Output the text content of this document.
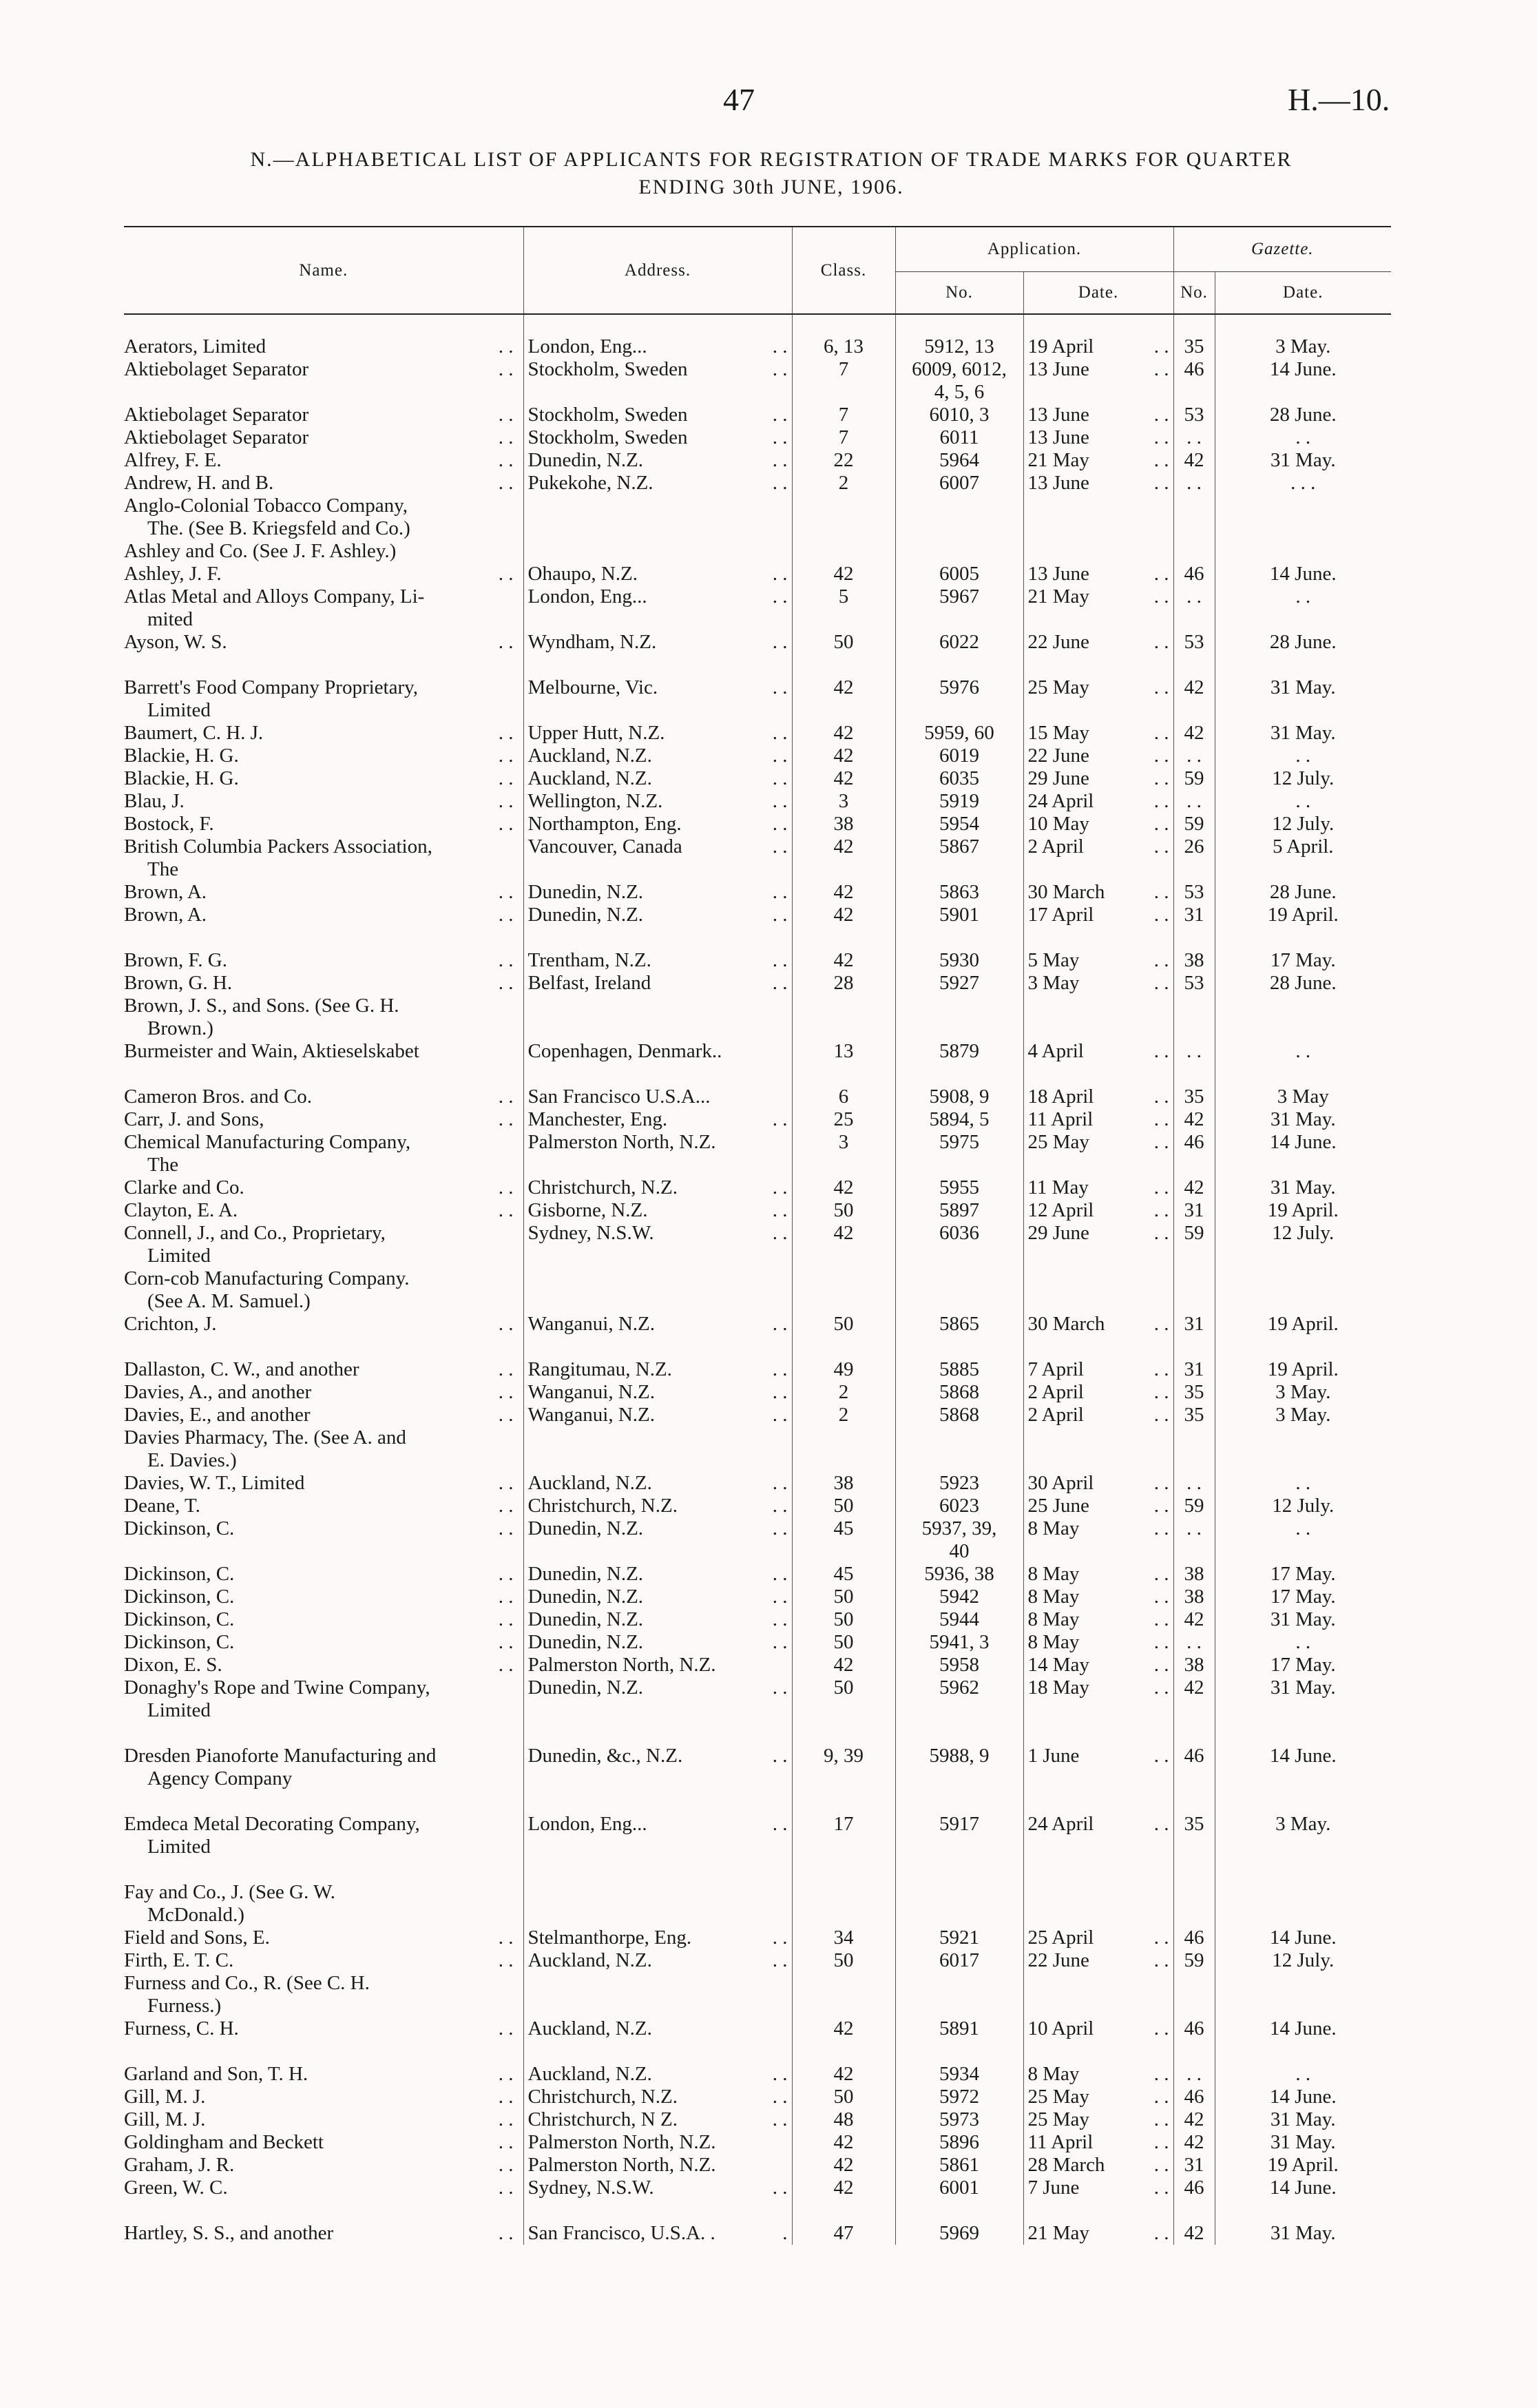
47	H.—10.
N.—ALPHABETICAL LIST OF APPLICANTS FOR REGISTRATION OF TRADE MARKS FOR QUARTER
ENDING 30th JUNE, 1906.
Name.	Address.	Class.	Application.		Gazette.	
			No.	Date.	No.	Date.

. .
Aerators, Limited	London, Eng... . .	6, 13	5912, 13	19 April . .	35	3 May.

. .
Aktiebolaget Separator	Stockholm, Sweden . .	7	6009, 6012,	13 June . .	46	14 June.

		4, 5, 6	

. .
Aktiebolaget Separator	Stockholm, Sweden . .	7	6010, 3	13 June . .	53	28 June.

. .
Aktiebolaget Separator	Stockholm, Sweden . .	7	6011	13 June . .	. .	. .

. .
Alfrey, F. E.	Dunedin, N.Z. . .	22	5964	21 May . .	42	31 May.

. .
Andrew, H. and B.	Pukekohe, N.Z. . .	2	6007	13 June . .	. .	. . .

Anglo-Colonial Tobacco Company,	

The. (See B. Kriegsfeld and Co.)	

Ashley and Co. (See J. F. Ashley.)	

. .
Ashley, J. F.	Ohaupo, N.Z. . .	42	6005	13 June . .	46	14 June.

Atlas Metal and Alloys Company, Li-	London, Eng... . .	5	5967	21 May . .	. .	. .

mited	

. .
Ayson, W. S.	Wyndham, N.Z. . .	50	6022	22 June . .	53	28 June.

Barrett's Food Company Proprietary,	Melbourne, Vic. . .	42	5976	25 May . .	42	31 May.

Limited	

. .
Baumert, C. H. J.	Upper Hutt, N.Z. . .	42	5959, 60	15 May . .	42	31 May.

. .
Blackie, H. G.	Auckland, N.Z. . .	42	6019	22 June . .	. .	. .

. .
Blackie, H. G.	Auckland, N.Z. . .	42	6035	29 June . .	59	12 July.

. .
Blau, J.	Wellington, N.Z. . .	3	5919	24 April . .	. .	. .

. .
Bostock, F.	Northampton, Eng. . .	38	5954	10 May . .	59	12 July.

British Columbia Packers Association,	Vancouver, Canada . .	42	5867	2 April . .	26	5 April.

The	

. .
Brown, A.	Dunedin, N.Z. . .	42	5863	30 March . .	53	28 June.

. .
Brown, A.	Dunedin, N.Z. . .	42	5901	17 April . .	31	19 April.

. .
Brown, F. G.	Trentham, N.Z. . .	42	5930	5 May . .	38	17 May.

. .
Brown, G. H.	Belfast, Ireland . .	28	5927	3 May . .	53	28 June.

Brown, J. S., and Sons. (See G. H.	

Brown.)	

Burmeister and Wain, Aktieselskabet	Copenhagen, Denmark..	13	5879	4 April . .	. .	. .

. .
Cameron Bros. and Co.	San Francisco U.S.A...	6	5908, 9	18 April . .	35	3 May

. .
Carr, J. and Sons,	Manchester, Eng. . .	25	5894, 5	11 April . .	42	31 May.

Chemical Manufacturing Company,	Palmerston North, N.Z.	3	5975	25 May . .	46	14 June.

The	

. .
Clarke and Co.	Christchurch, N.Z. . .	42	5955	11 May . .	42	31 May.

. .
Clayton, E. A.	Gisborne, N.Z. . .	50	5897	12 April . .	31	19 April.

Connell, J., and Co., Proprietary,	Sydney, N.S.W. . .	42	6036	29 June . .	59	12 July.

Limited	

Corn-cob Manufacturing Company.	

(See A. M. Samuel.)	

. .
Crichton, J.	Wanganui, N.Z. . .	50	5865	30 March . .	31	19 April.

. .
Dallaston, C. W., and another	Rangitumau, N.Z. . .	49	5885	7 April . .	31	19 April.

. .
Davies, A., and another	Wanganui, N.Z. . .	2	5868	2 April . .	35	3 May.

. .
Davies, E., and another	Wanganui, N.Z. . .	2	5868	2 April . .	35	3 May.

Davies Pharmacy, The. (See A. and	

E. Davies.)	

. .
Davies, W. T., Limited	Auckland, N.Z. . .	38	5923	30 April . .	. .	. .

. .
Deane, T.	Christchurch, N.Z. . .	50	6023	25 June . .	59	12 July.

. .
Dickinson, C.	Dunedin, N.Z. . .	45	5937, 39,	8 May . .	. .	. .

		40	

. .
Dickinson, C.	Dunedin, N.Z. . .	45	5936, 38	8 May . .	38	17 May.

. .
Dickinson, C.	Dunedin, N.Z. . .	50	5942	8 May . .	38	17 May.

. .
Dickinson, C.	Dunedin, N.Z. . .	50	5944	8 May . .	42	31 May.

. .
Dickinson, C.	Dunedin, N.Z. . .	50	5941, 3	8 May . .	. .	. .

. .
Dixon, E. S.	Palmerston North, N.Z.	42	5958	14 May . .	38	17 May.

Donaghy's Rope and Twine Company,	Dunedin, N.Z. . .	50	5962	18 May . .	42	31 May.

Limited	

Dresden Pianoforte Manufacturing and	Dunedin, &c., N.Z. . .	9, 39	5988, 9	1 June . .	46	14 June.

Agency Company	

Emdeca Metal Decorating Company,	London, Eng... . .	17	5917	24 April . .	35	3 May.

Limited	

Fay and Co., J. (See G. W.	

McDonald.)	

. .
Field and Sons, E.	Stelmanthorpe, Eng. . .	34	5921	25 April . .	46	14 June.

. .
Firth, E. T. C.	Auckland, N.Z. . .	50	6017	22 June . .	59	12 July.

Furness and Co., R. (See C. H.	

Furness.)	

. .
Furness, C. H.	Auckland, N.Z.	42	5891	10 April . .	46	14 June.

. .
Garland and Son, T. H.	Auckland, N.Z. . .	42	5934	8 May . .	. .	. .

. .
Gill, M. J.	Christchurch, N.Z. . .	50	5972	25 May . .	46	14 June.

. .
Gill, M. J.	Christchurch, N Z. . .	48	5973	25 May . .	42	31 May.

. .
Goldingham and Beckett	Palmerston North, N.Z.	42	5896	11 April . .	42	31 May.

. .
Graham, J. R.	Palmerston North, N.Z.	42	5861	28 March . .	31	19 April.

. .
Green, W. C.	Sydney, N.S.W. . .	42	6001	7 June . .	46	14 June.

. .
Hartley, S. S., and another	San Francisco, U.S.A. . .	47	5969	21 May . .	42	31 May.
